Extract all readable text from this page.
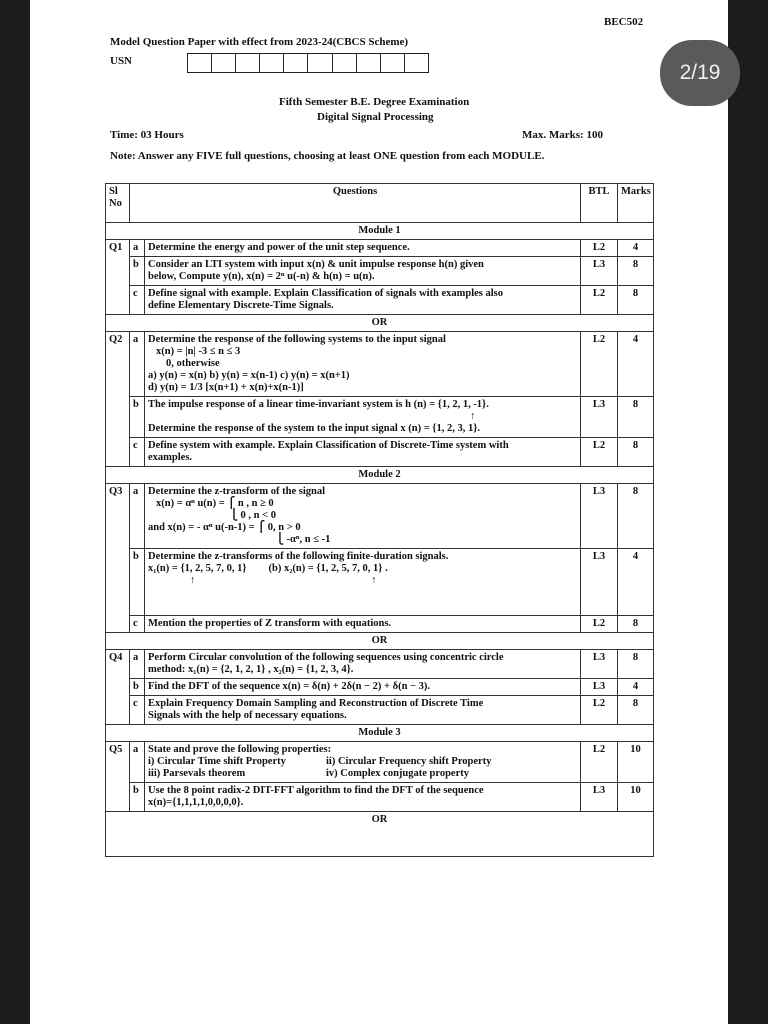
BEC502
Model Question Paper with effect from 2023-24(CBCS Scheme)
USN
Fifth Semester B.E. Degree Examination
Digital Signal Processing
Time: 03 Hours	Max. Marks: 100
Note: Answer any FIVE full questions, choosing at least ONE question from each MODULE.
Sl
No	Questions		BTL	Marks
Module 1				
Q1	a	Determine the energy and power of the unit step sequence.	L2	4
	b	Consider an LTI system with input x(n) & unit impulse response h(n) given
below, Compute y(n), x(n) = 2ⁿ u(-n) & h(n) = u(n).	L3	8
	c	Define signal with example. Explain Classification of signals with examples also
define Elementary Discrete-Time Signals.	L2	8
OR				
Q2	a	Determine the response of the following systems to the input signal
x(n) = |n| -3 ≤ n ≤ 3
0, otherwise
a) y(n) = x(n) b) y(n) = x(n-1) c) y(n) = x(n+1)
d) y(n) = 1/3 [x(n+1) + x(n)+x(n-1)]	L2	4
	b	The impulse response of a linear time-invariant system is h (n) = {1, 2, 1, -1}.
↑
Determine the response of the system to the input signal x (n) = {1, 2, 3, 1}.	L3	8
	c	Define system with example. Explain Classification of Discrete-Time system with
examples.	L2	8
Module 2				
Q3	a	Determine the z-transform of the signal
x(n) = αⁿ u(n) = ⎧ n , n ≥ 0
⎩ 0 , n < 0
and x(n) = - αⁿ u(-n-1) = ⎧ 0, n > 0
⎩ -αⁿ, n ≤ -1	L3	8
	b	Determine the z-transforms of the following finite-duration signals.
x₁(n) = {1, 2, 5, 7, 0, 1} (b) x₂(n) = {1, 2, 5, 7, 0, 1} .
↑ ↑	L3	4
	c	Mention the properties of Z transform with equations.	L2	8
OR				
Q4	a	Perform Circular convolution of the following sequences using concentric circle
method: x₁(n) = {2, 1, 2, 1} , x₂(n) = {1, 2, 3, 4}.	L3	8
	b	Find the DFT of the sequence x(n) = δ(n) + 2δ(n − 2) + δ(n − 3).	L3	4
	c	Explain Frequency Domain Sampling and Reconstruction of Discrete Time
Signals with the help of necessary equations.	L2	8
Module 3				
Q5	a	State and prove the following properties:
i) Circular Time shift Property ii) Circular Frequency shift Property
iii) Parsevals theorem iv) Complex conjugate property	L2	10
	b	Use the 8 point radix-2 DIT-FFT algorithm to find the DFT of the sequence
x(n)={1,1,1,1,0,0,0,0}.	L3	10
OR				
2/19
